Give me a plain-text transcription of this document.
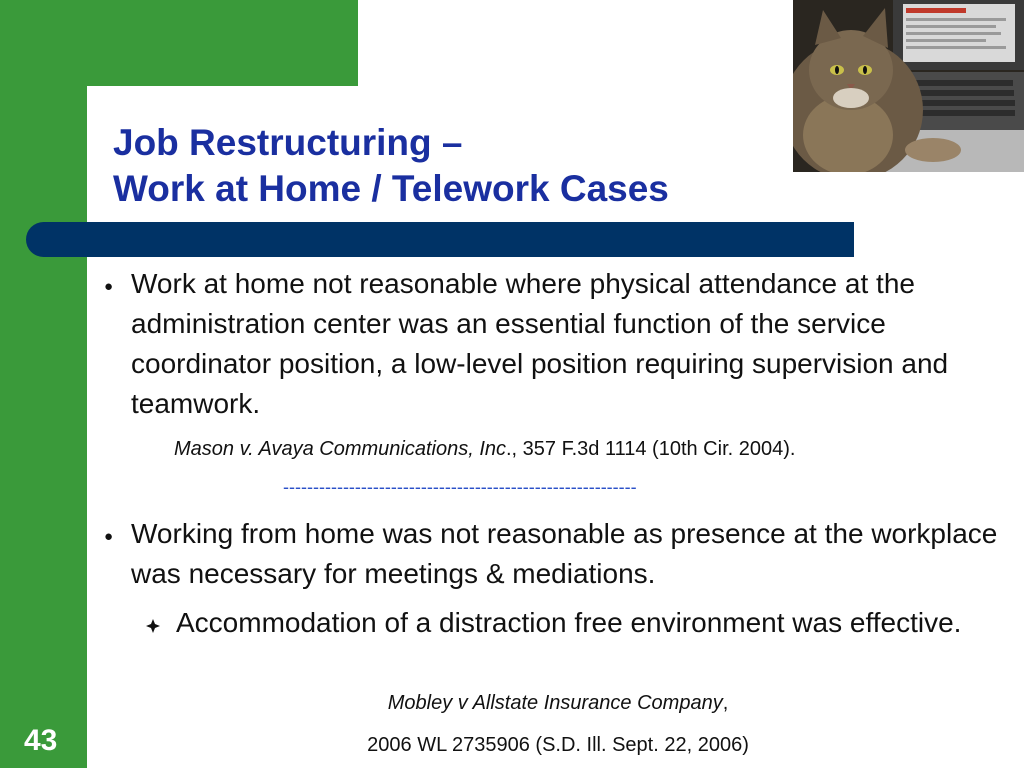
Job Restructuring –
Work at Home / Telework Cases
● Work at home not reasonable where physical attendance at the administration center was an essential function of the service coordinator position, a low-level position requiring supervision and teamwork.

Mason v. Avaya Communications, Inc., 357 F.3d 1114 (10th Cir. 2004).

-----------------------------------------------------------
● Working from home was not reasonable as presence at the workplace was necessary for meetings & mediations.

Accommodation of a distraction free environment was effective.

Mobley v Allstate Insurance Company,

2006 WL 2735906 (S.D. Ill. Sept. 22, 2006)

43
